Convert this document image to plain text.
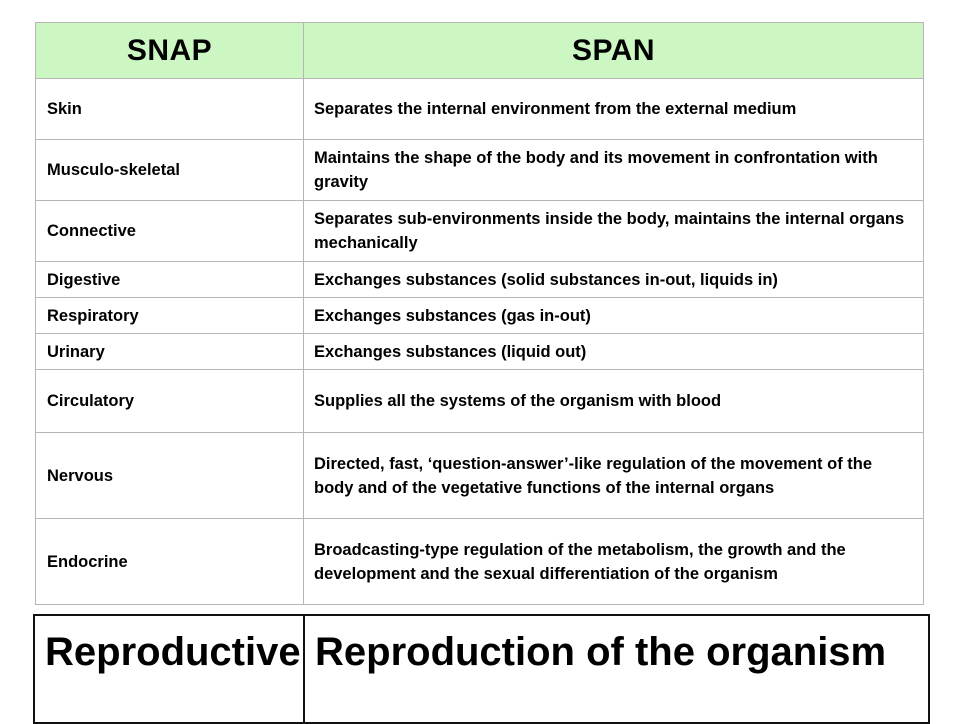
SNAP	SPAN
Skin	Separates the internal environment from the external medium
Musculo-skeletal	Maintains the shape of the body and its movement in confrontation with gravity
Connective	Separates sub-environments inside the body, maintains the internal organs mechanically
Digestive	Exchanges substances (solid substances in-out, liquids in)
Respiratory	Exchanges substances (gas in-out)
Urinary	Exchanges substances (liquid out)
Circulatory	Supplies all the systems of the organism with blood
Nervous	Directed, fast, ‘question-answer’-like regulation of the movement of the body and of the vegetative functions of the internal organs
Endocrine	Broadcasting-type regulation of the metabolism, the growth and the development and the sexual differentiation of the organism
Reproductive	Reproduction of the organism
